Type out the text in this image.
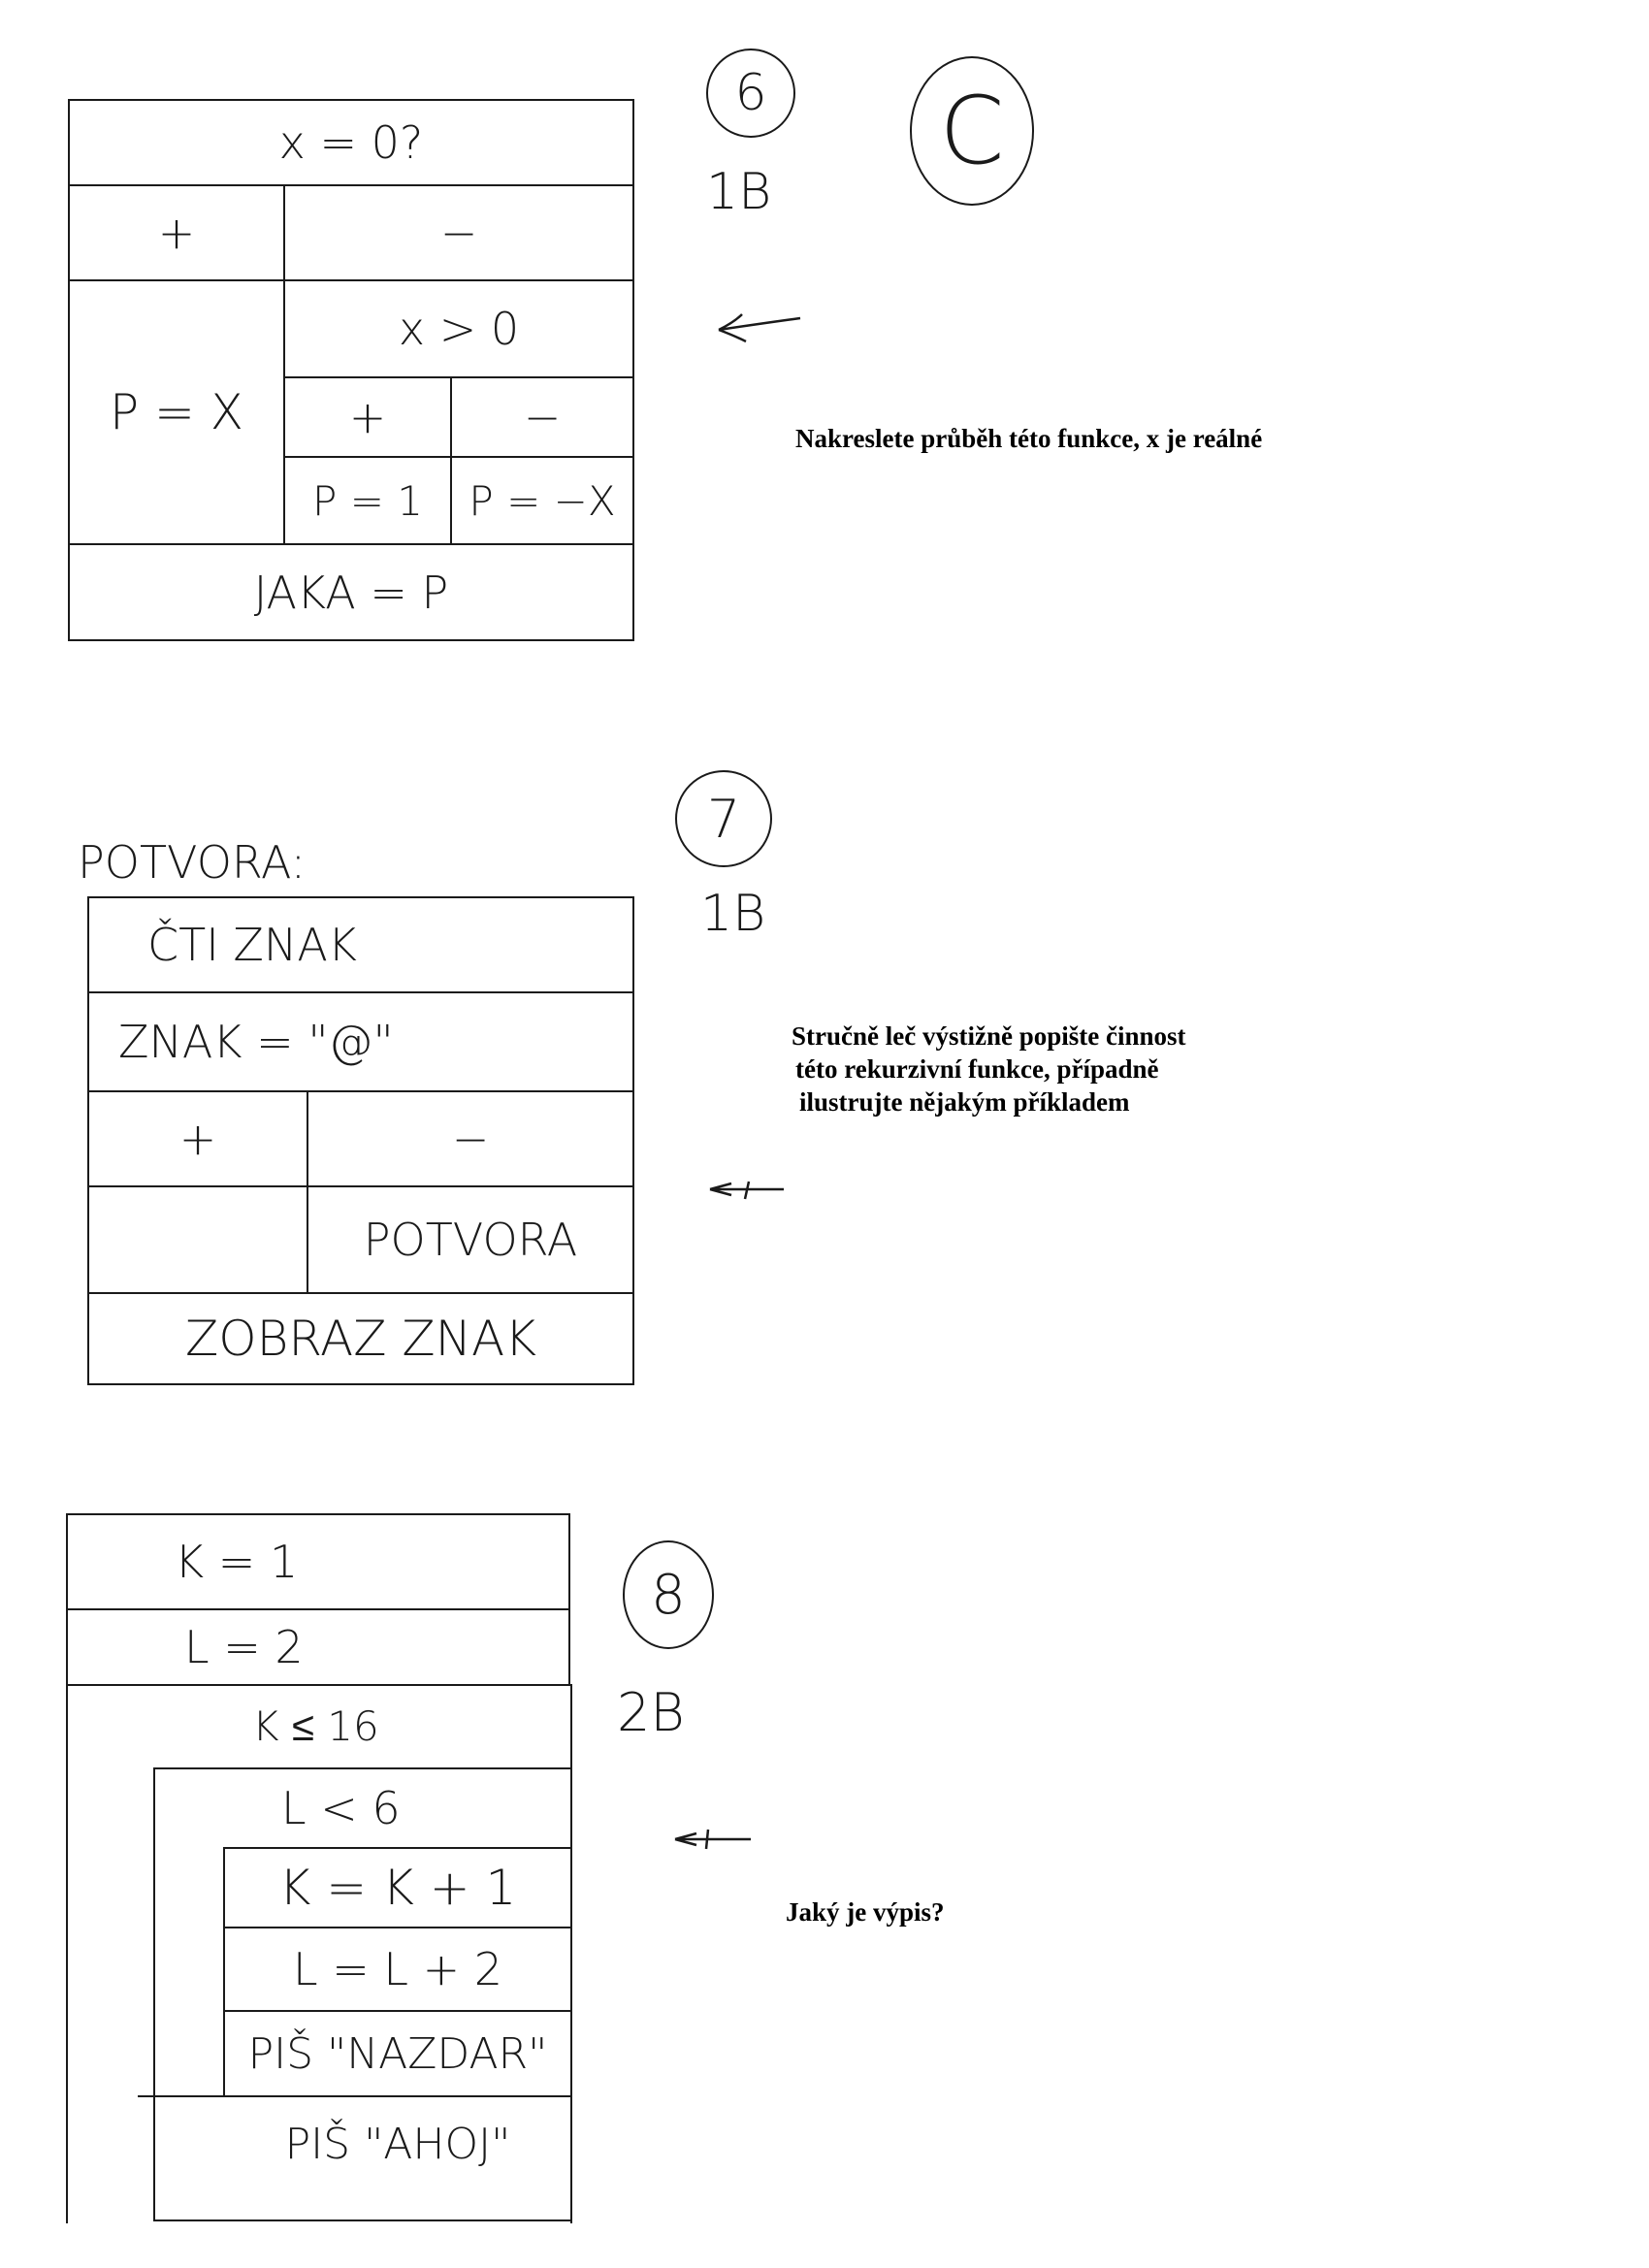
x = 0?
+	−
P = X
x > 0
+	−
P = 1	P = −X
JAKA = P
6
1B
C
Nakreslete průběh této funkce, x je reálné
POTVORA:
ČTI ZNAK
ZNAK = "@"
+	−
POTVORA
ZOBRAZ ZNAK
7
1B
Stručně leč výstižně popište činnost
této rekurzivní funkce, případně
ilustrujte nějakým příkladem
K = 1
L = 2
K ≤ 16
L < 6
K = K + 1
L = L + 2
PIŠ "NAZDAR"
PIŠ "AHOJ"
8
2B
Jaký je výpis?
